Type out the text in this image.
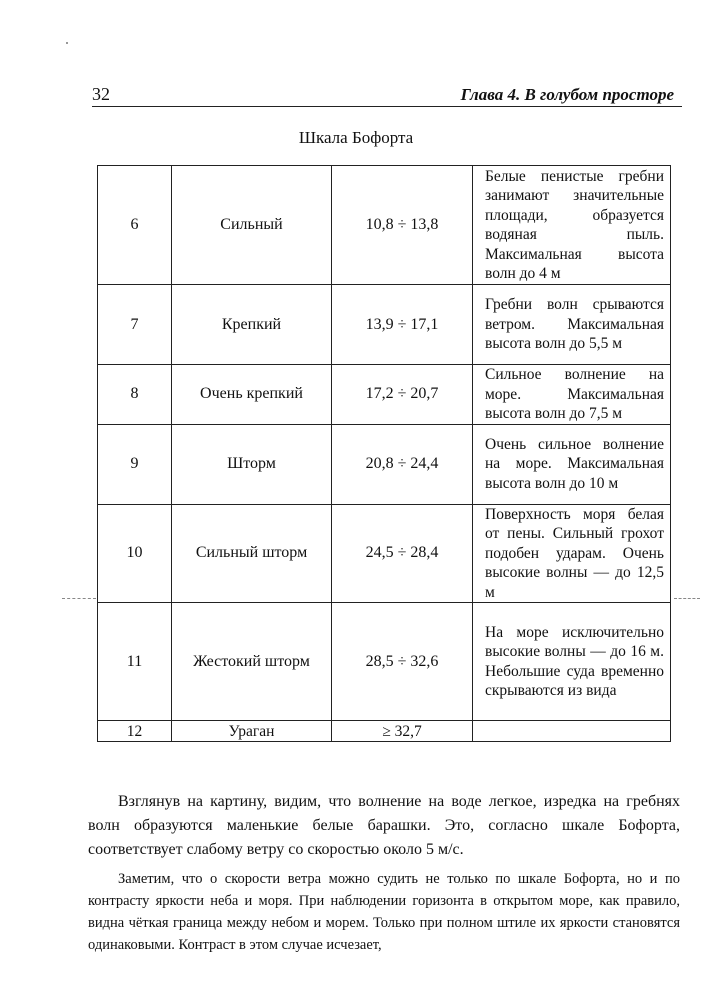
32	Глава 4. В голубом просторе
Шкала Бофорта
6	Сильный	10,8 ÷ 13,8	Белые пенистые гребни занимают значительные площади, образуется водяная пыль. Максимальная высота волн до 4 м
7	Крепкий	13,9 ÷ 17,1	Гребни волн срываются ветром. Максимальная высота волн до 5,5 м
8	Очень крепкий	17,2 ÷ 20,7	Сильное волнение на море. Максимальная высота волн до 7,5 м
9	Шторм	20,8 ÷ 24,4	Очень сильное волнение на море. Максимальная высота волн до 10 м
10	Сильный шторм	24,5 ÷ 28,4	Поверхность моря белая от пены. Сильный грохот подобен ударам. Очень высокие волны — до 12,5 м
11	Жестокий шторм	28,5 ÷ 32,6	На море исключительно высокие волны — до 16 м. Небольшие суда временно скрываются из вида
12	Ураган	≥ 32,7	

Взглянув на картину, видим, что волнение на воде легкое, изредка на гребнях волн образуются маленькие белые барашки. Это, согласно шкале Бофорта, соответствует слабому ветру со скоростью около 5 м/с.

Заметим, что о скорости ветра можно судить не только по шкале Бофорта, но и по контрасту яркости неба и моря. При наблюдении горизонта в открытом море, как правило, видна чёткая граница между небом и морем. Только при полном штиле их яркости становятся одинаковыми. Контраст в этом случае исчезает,
